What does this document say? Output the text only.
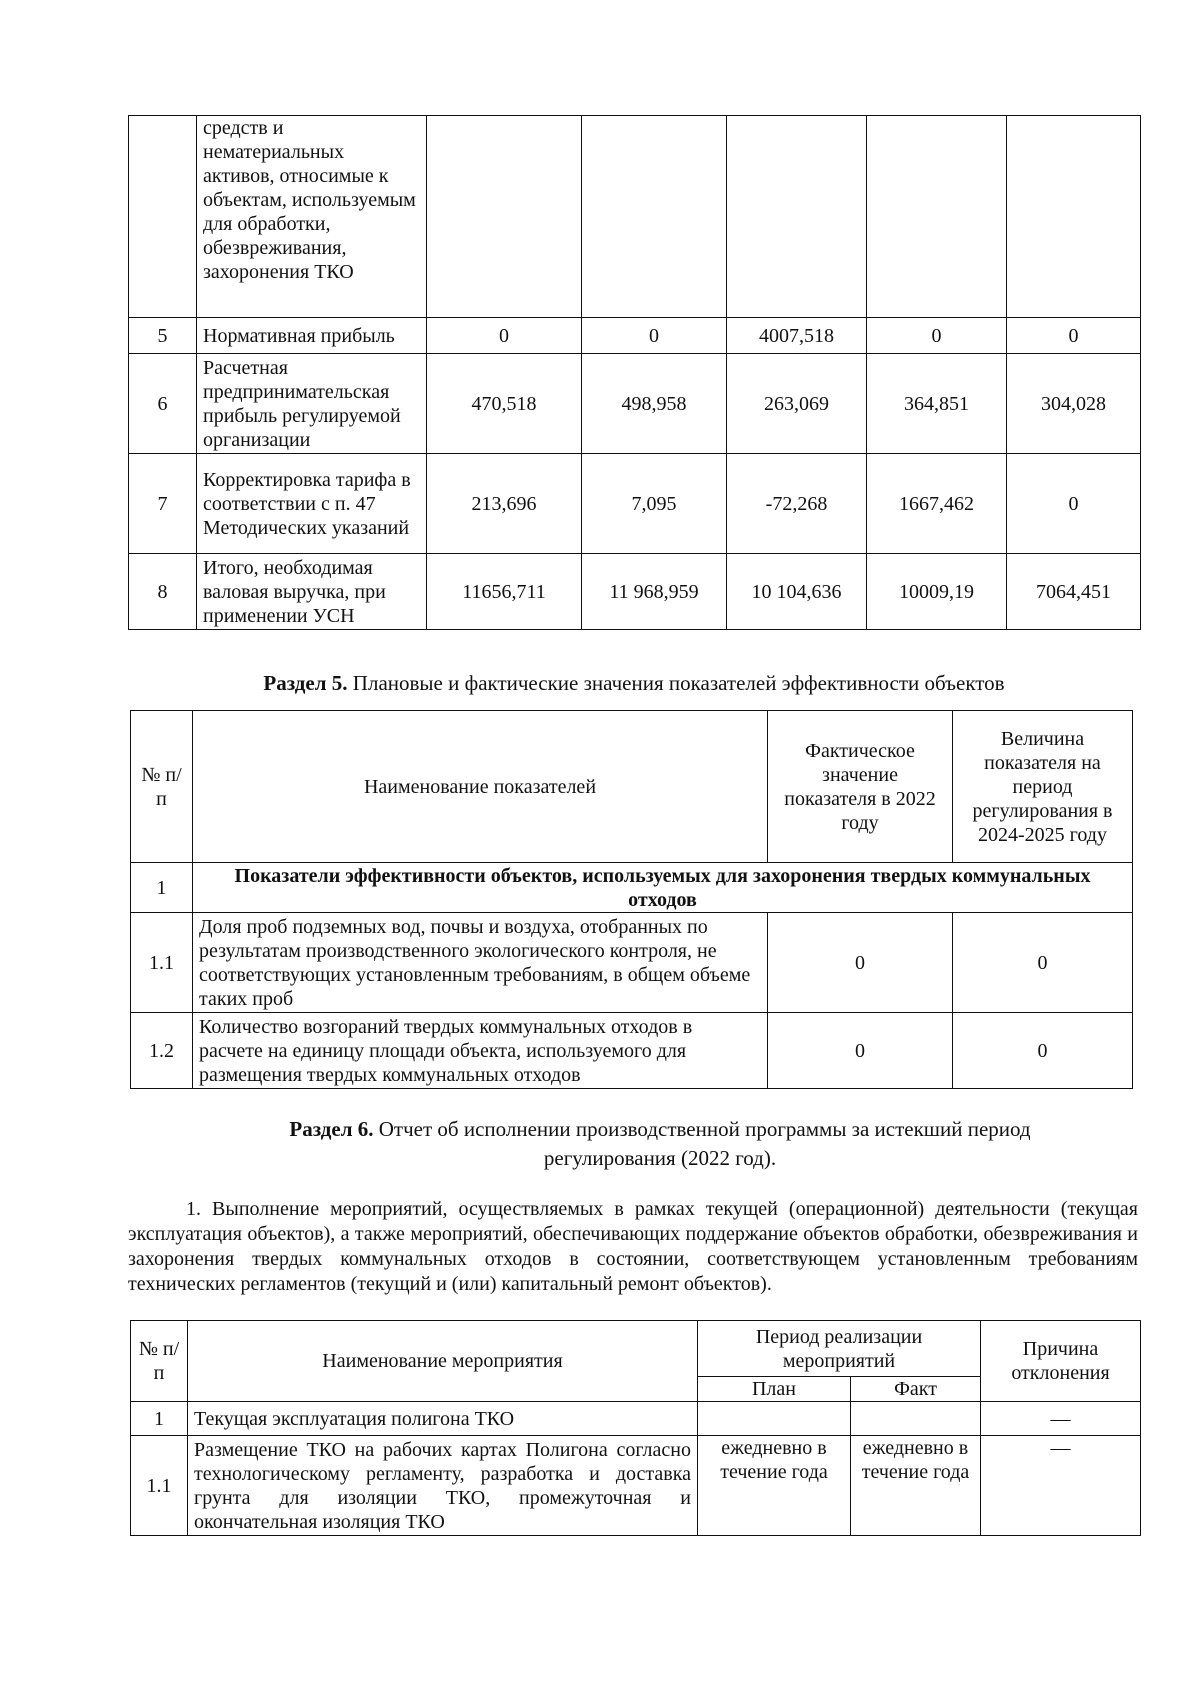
	средств и нематериальных активов, относимые к объектам, используемым для обработки, обезвреживания, захоронения ТКО					
5	Нормативная прибыль	0	0	4007,518	0	0
6	Расчетная предпринимательская прибыль регулируемой организации	470,518	498,958	263,069	364,851	304,028
7	Корректировка тарифа в соответствии с п. 47 Методических указаний	213,696	7,095	-72,268	1667,462	0
8	Итого, необходимая валовая выручка, при применении УСН	11656,711	11 968,959	10 104,636	10009,19	7064,451
Раздел 5. Плановые и фактические значения показателей эффективности объектов
№ п/п	Наименование показателей	Фактическое значение показателя в 2022 году	Величина показателя на период регулирования в 2024-2025 году
1	Показатели эффективности объектов, используемых для захоронения твердых коммунальных отходов		
1.1	Доля проб подземных вод, почвы и воздуха, отобранных по результатам производственного экологического контроля, не соответствующих установленным требованиям, в общем объеме таких проб	0	0
1.2	Количество возгораний твердых коммунальных отходов в расчете на единицу площади объекта, используемого для размещения твердых коммунальных отходов	0	0
Раздел 6. Отчет об исполнении производственной программы за истекший период регулирования (2022 год).
1. Выполнение мероприятий, осуществляемых в рамках текущей (операционной) деятельности (текущая эксплуатация объектов), а также мероприятий, обеспечивающих поддержание объектов обработки, обезвреживания и захоронения твердых коммунальных отходов в состоянии, соответствующем установленным требованиям технических регламентов (текущий и (или) капитальный ремонт объектов).
№ п/п	Наименование мероприятия	Период реализации мероприятий		Причина отклонения
		План	Факт	
1	Текущая эксплуатация полигона ТКО			—
1.1	Размещение ТКО на рабочих картах Полигона согласно технологическому регламенту, разработка и доставка грунта для изоляции ТКО, промежуточная и окончательная изоляция ТКО	ежедневно в течение года	ежедневно в течение года	—
